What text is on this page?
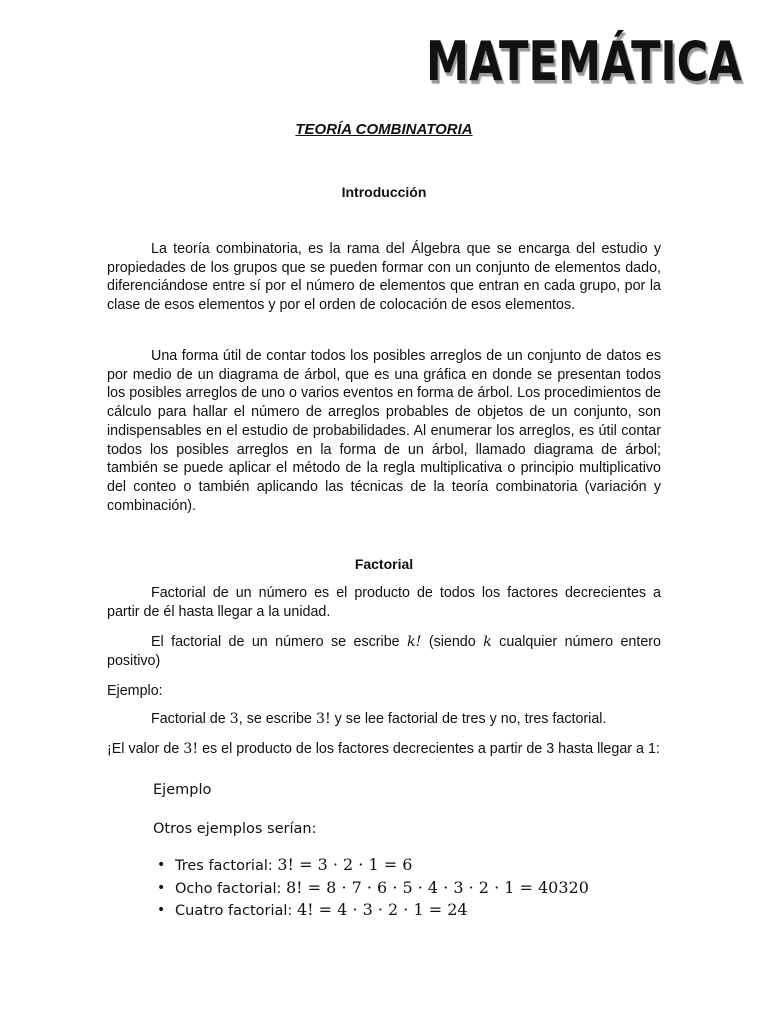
MATEMÁTICA
TEORÍA COMBINATORIA
Introducción

La teoría combinatoria, es la rama del Álgebra que se encarga del estudio y propiedades de los grupos que se pueden formar con un conjunto de elementos dado, diferenciándose entre sí por el número de elementos que entran en cada grupo, por la clase de esos elementos y por el orden de colocación de esos elementos.

Una forma útil de contar todos los posibles arreglos de un conjunto de datos es por medio de un diagrama de árbol, que es una gráfica en donde se presentan todos los posibles arreglos de uno o varios eventos en forma de árbol. Los procedimientos de cálculo para hallar el número de arreglos probables de objetos de un conjunto, son indispensables en el estudio de probabilidades. Al enumerar los arreglos, es útil contar todos los posibles arreglos en la forma de un árbol, llamado diagrama de árbol; también se puede aplicar el método de la regla multiplicativa o principio multiplicativo del conteo o también aplicando las técnicas de la teoría combinatoria (variación y combinación).

Factorial

Factorial de un número es el producto de todos los factores decrecientes a partir de él hasta llegar a la unidad.

El factorial de un número se escribe k! (siendo k cualquier número entero positivo)

Ejemplo:

Factorial de 3, se escribe 3! y se lee factorial de tres y no, tres factorial.

¡El valor de 3! es el producto de los factores decrecientes a partir de 3 hasta llegar a 1:

Ejemplo
Otros ejemplos serían:
• Tres factorial: 3! = 3 · 2 · 1 = 6
• Ocho factorial: 8! = 8 · 7 · 6 · 5 · 4 · 3 · 2 · 1 = 40320
• Cuatro factorial: 4! = 4 · 3 · 2 · 1 = 24
